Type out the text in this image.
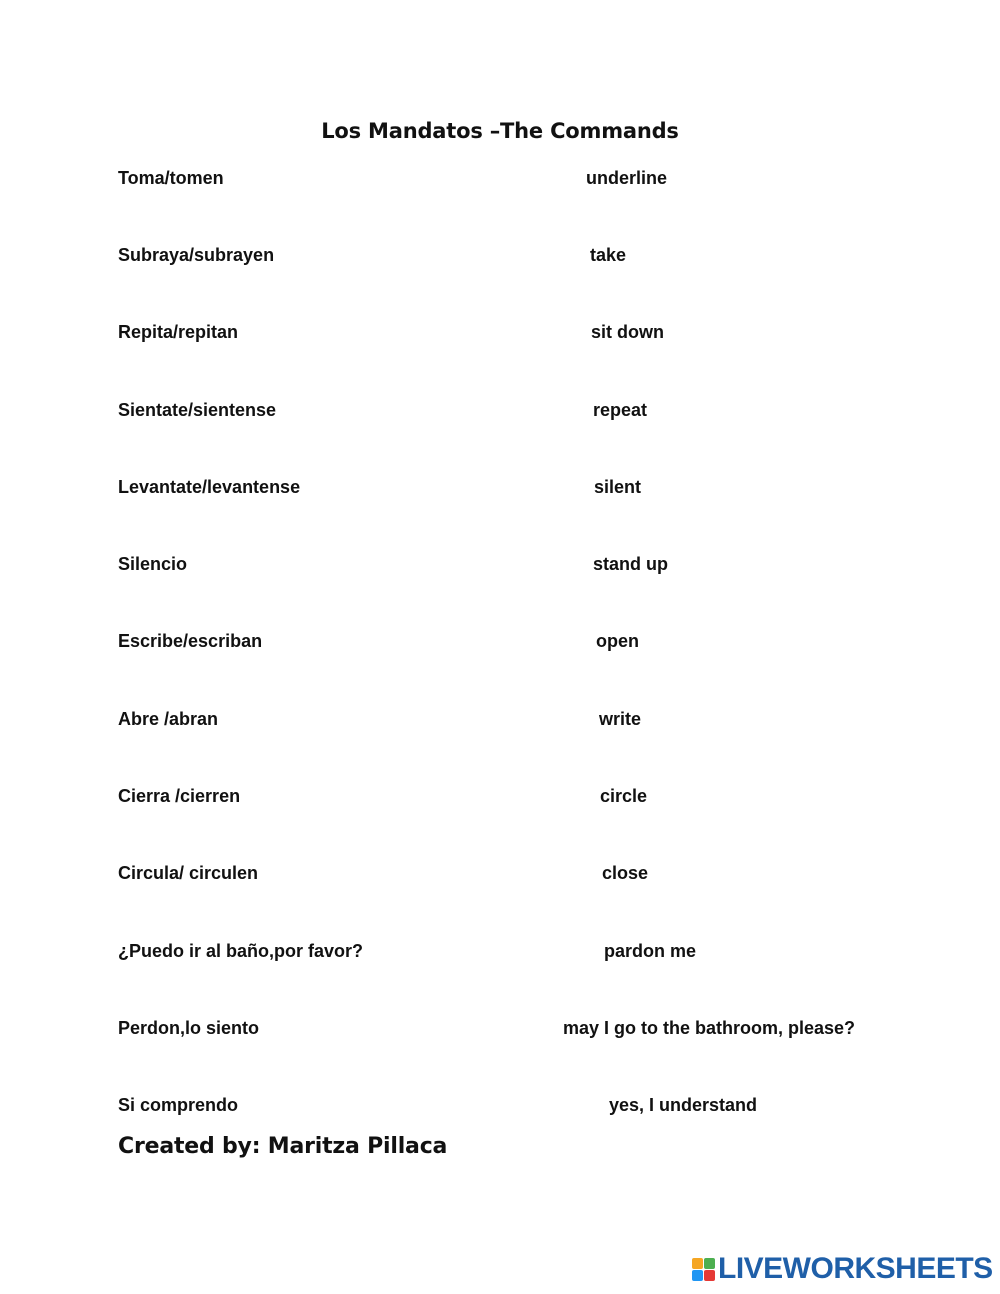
Los Mandatos –The Commands
Toma/tomen	underline
Subraya/subrayen	take
Repita/repitan	sit down
Sientate/sientense	repeat
Levantate/levantense	silent
Silencio	stand up
Escribe/escriban	open
Abre /abran	write
Cierra /cierren	circle
Circula/ circulen	close
¿Puedo ir al baño,por favor?	pardon me
Perdon,lo siento	may I go to the bathroom, please?
Si comprendo	yes, I understand
Created by: Maritza Pillaca
LIVEWORKSHEETS
